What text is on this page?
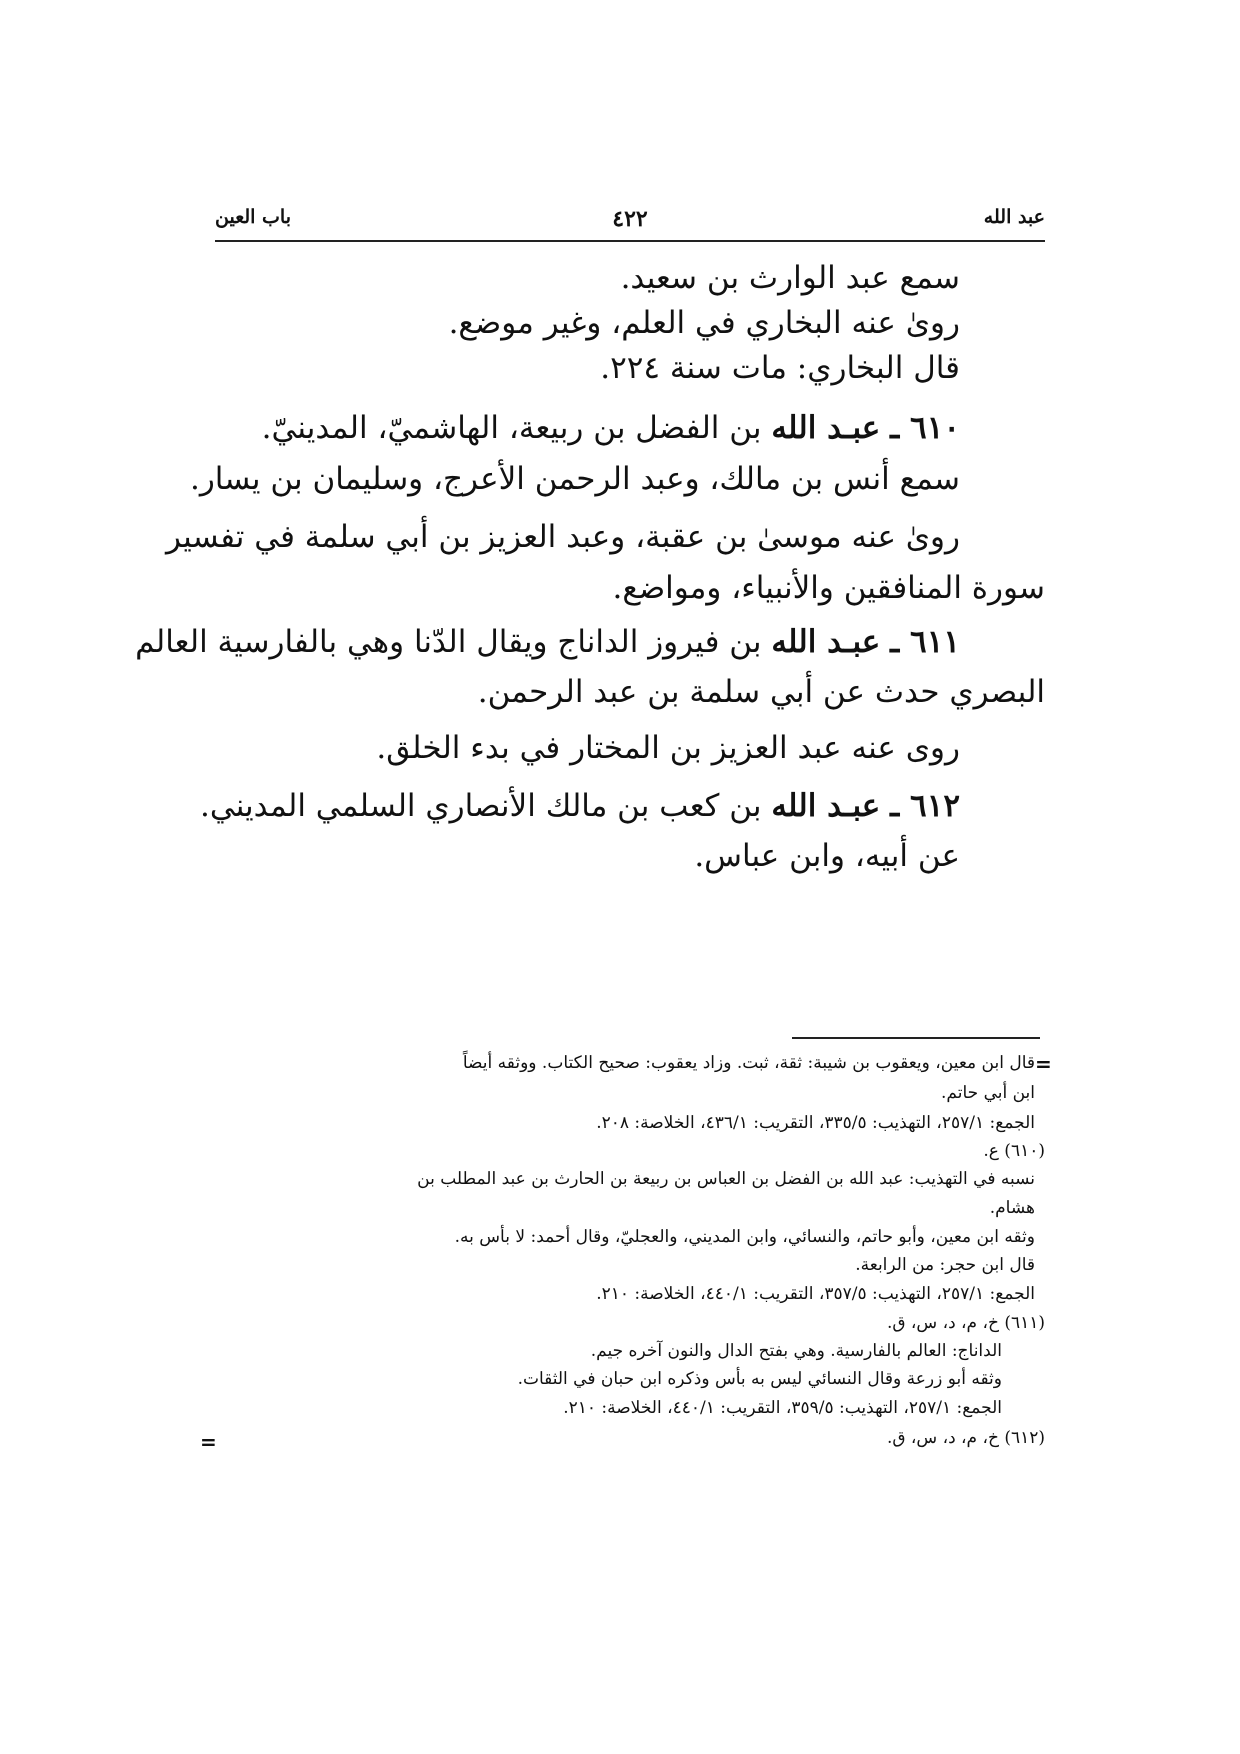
عبد الله
٤٢٢
باب العين
سمع عبد الوارث بن سعيد.
روىٰ عنه البخاري في العلم، وغير موضع.
قال البخاري: مات سنة ٢٢٤.
٦١٠ ـ عبـد الله بن الفضل بن ربيعة، الهاشميّ، المدينيّ.
سمع أنس بن مالك، وعبد الرحمن الأعرج، وسليمان بن يسار.
روىٰ عنه موسىٰ بن عقبة، وعبد العزيز بن أبي سلمة في تفسير
سورة المنافقين والأنبياء، ومواضع.
٦١١ ـ عبـد الله بن فيروز الداناج ويقال الدّنا وهي بالفارسية العالم
البصري حدث عن أبي سلمة بن عبد الرحمن.
روى عنه عبد العزيز بن المختار في بدء الخلق.
٦١٢ ـ عبـد الله بن كعب بن مالك الأنصاري السلمي المديني.
عن أبيه، وابن عباس.
=
قال ابن معين، ويعقوب بن شيبة: ثقة، ثبت. وزاد يعقوب: صحيح الكتاب. ووثقه أيضاً
ابن أبي حاتم.
الجمع: ٢٥٧/١، التهذيب: ٣٣٥/٥، التقريب: ٤٣٦/١، الخلاصة: ٢٠٨.
(٦١٠) ع.
نسبه في التهذيب: عبد الله بن الفضل بن العباس بن ربيعة بن الحارث بن عبد المطلب بن
هشام.
وثقه ابن معين، وأبو حاتم، والنسائي، وابن المديني، والعجليّ، وقال أحمد: لا بأس به.
قال ابن حجر: من الرابعة.
الجمع: ٢٥٧/١، التهذيب: ٣٥٧/٥، التقريب: ٤٤٠/١، الخلاصة: ٢١٠.
(٦١١) خ، م، د، س، ق.
الداناج: العالم بالفارسية. وهي بفتح الدال والنون آخره جيم.
وثقه أبو زرعة وقال النسائي ليس به بأس وذكره ابن حبان في الثقات.
الجمع: ٢٥٧/١، التهذيب: ٣٥٩/٥، التقريب: ٤٤٠/١، الخلاصة: ٢١٠.
(٦١٢) خ، م، د، س، ق.
=
